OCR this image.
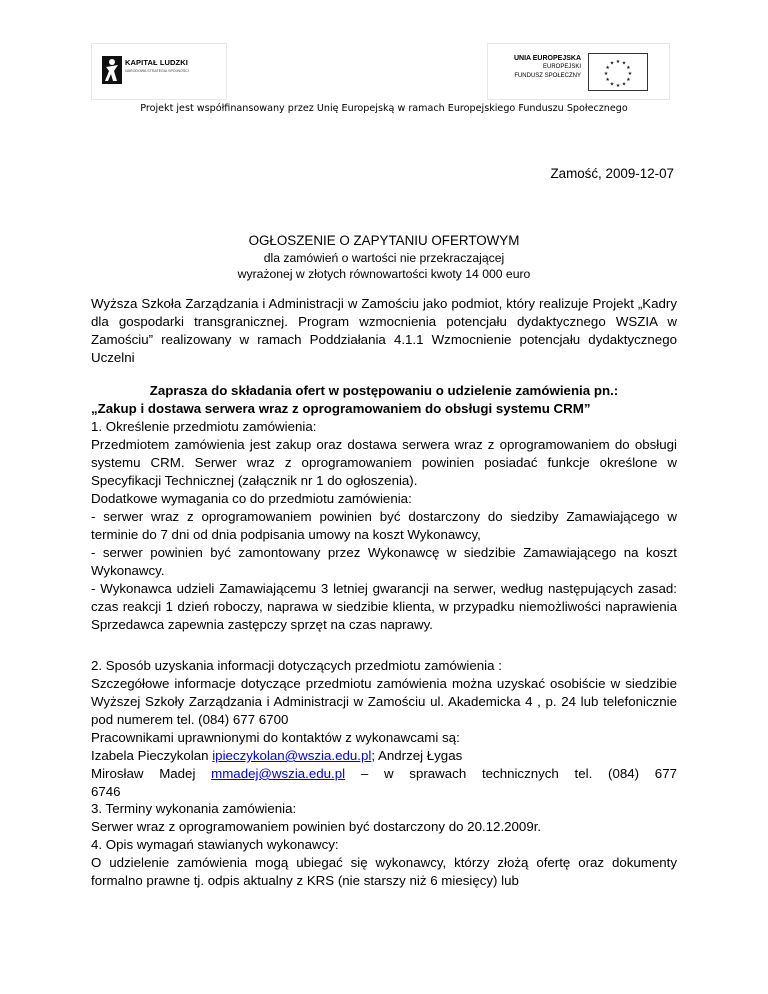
KAPITAŁ LUDZKI
NARODOWA STRATEGIA SPÓJNOŚCI
UNIA EUROPEJSKA
EUROPEJSKI
FUNDUSZ SPOŁECZNY
★ ★
★
★
★
★
★
★
★
★
★
★
Projekt jest współfinansowany przez Unię Europejską w ramach Europejskiego Funduszu Społecznego
Zamość, 2009-12-07
OGŁOSZENIE O ZAPYTANIU OFERTOWYM
dla zamówień o wartości nie przekraczającej
wyrażonej w złotych równowartości kwoty 14 000 euro
Wyższa Szkoła Zarządzania i Administracji w Zamościu jako podmiot, który realizuje Projekt „Kadry dla gospodarki transgranicznej. Program wzmocnienia potencjału dydaktycznego WSZIA w Zamościu” realizowany w ramach Poddziałania 4.1.1 Wzmocnienie potencjału dydaktycznego Uczelni
Zaprasza do składania ofert w postępowaniu o udzielenie zamówienia pn.:
„Zakup i dostawa serwera wraz z oprogramowaniem do obsługi systemu CRM”
1. Określenie przedmiotu zamówienia:
Przedmiotem zamówienia jest zakup oraz dostawa serwera wraz z oprogramowaniem do obsługi systemu CRM. Serwer wraz z oprogramowaniem powinien posiadać funkcje określone w Specyfikacji Technicznej (załącznik nr 1 do ogłoszenia).
Dodatkowe wymagania co do przedmiotu zamówienia:
- serwer wraz z oprogramowaniem powinien być dostarczony do siedziby Zamawiającego w terminie do 7 dni od dnia podpisania umowy na koszt Wykonawcy,
- serwer powinien być zamontowany przez Wykonawcę w siedzibie Zamawiającego na koszt Wykonawcy.
- Wykonawca udzieli Zamawiającemu 3 letniej gwarancji na serwer, według następujących zasad: czas reakcji 1 dzień roboczy, naprawa w siedzibie klienta, w przypadku niemożliwości naprawienia Sprzedawca zapewnia zastępczy sprzęt na czas naprawy.
2. Sposób uzyskania informacji dotyczących przedmiotu zamówienia :
Szczegółowe informacje dotyczące przedmiotu zamówienia można uzyskać osobiście w siedzibie Wyższej Szkoły Zarządzania i Administracji w Zamościu ul. Akademicka 4 , p. 24 lub telefonicznie pod numerem tel. (084) 677 6700
Pracownikami uprawnionymi do kontaktów z wykonawcami są:
Izabela Pieczykolan ipieczykolan@wszia.edu.pl; Andrzej Łygas
Mirosław Madej mmadej@wszia.edu.pl – w sprawach technicznych tel. (084) 677
6746
3. Terminy wykonania zamówienia:
Serwer wraz z oprogramowaniem powinien być dostarczony do 20.12.2009r.
4. Opis wymagań stawianych wykonawcy:
O udzielenie zamówienia mogą ubiegać się wykonawcy, którzy złożą ofertę oraz dokumenty formalno prawne tj. odpis aktualny z KRS (nie starszy niż 6 miesięcy) lub
